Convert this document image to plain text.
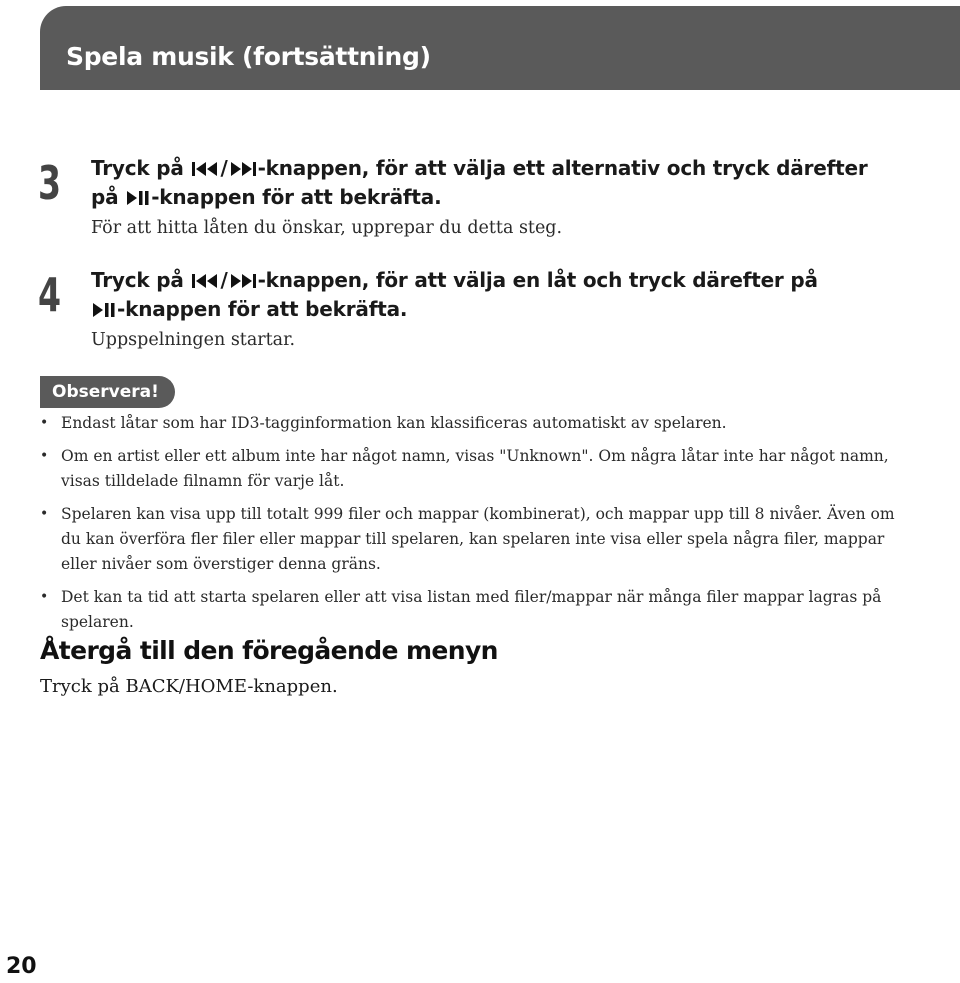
Spela musik (fortsättning)
3 Tryck på
/ -knappen, för att välja ett alternativ och tryck därefter
på
-knappen för att bekräfta.
För att hitta låten du önskar, upprepar du detta steg.
4 Tryck på
/ -knappen, för att välja en låt och tryck därefter på

-knappen för att bekräfta.
Uppspelningen startar.
Observera!
• Endast låtar som har ID3-tagginformation kan klassificeras automatiskt av spelaren.
• Om en artist eller ett album inte har något namn, visas "Unknown". Om några låtar inte har något namn, visas tilldelade filnamn för varje låt.
• Spelaren kan visa upp till totalt 999 filer och mappar (kombinerat), och mappar upp till 8 nivåer. Även om du kan överföra fler filer eller mappar till spelaren, kan spelaren inte visa eller spela några filer, mappar eller nivåer som överstiger denna gräns.
• Det kan ta tid att starta spelaren eller att visa listan med filer/mappar när många filer mappar lagras på spelaren.
Återgå till den föregående menyn
Tryck på BACK/HOME-knappen.
20
